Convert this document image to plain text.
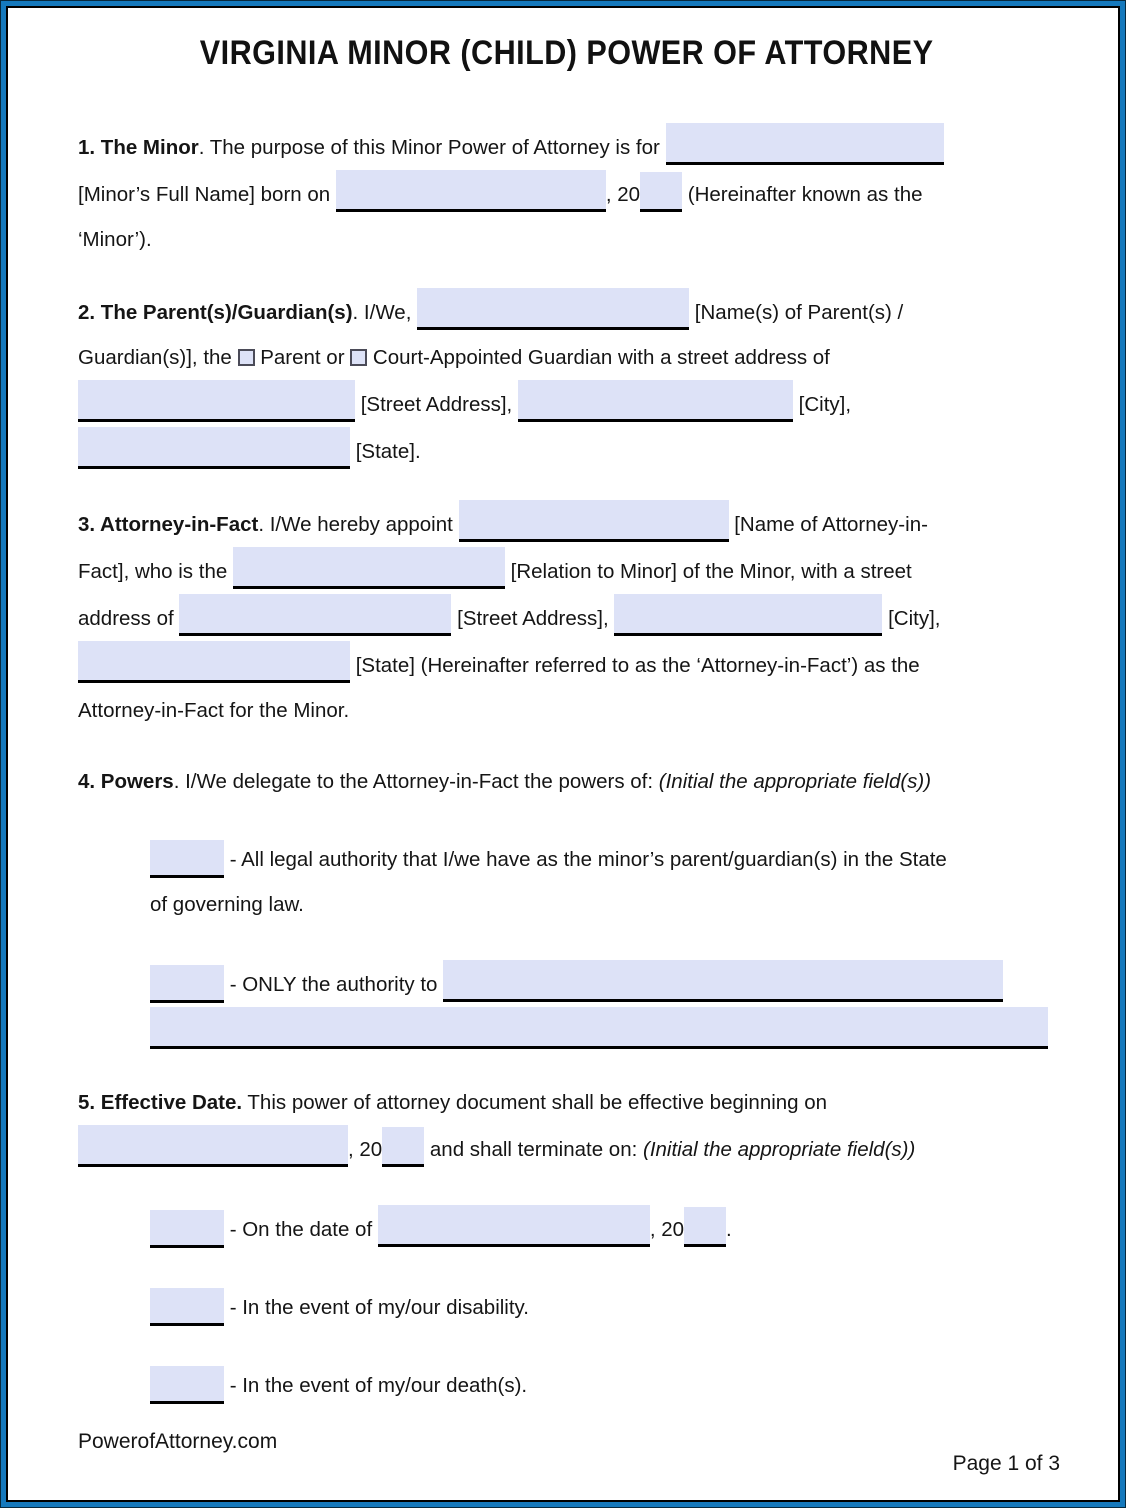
VIRGINIA MINOR (CHILD) POWER OF ATTORNEY
1. The Minor. The purpose of this Minor Power of Attorney is for
[Minor’s Full Name] born on	, 20 (Hereinafter known as the
‘Minor’).
2. The Parent(s)/Guardian(s). I/We,	[Name(s) of Parent(s) /
Guardian(s)], the  Parent or  Court-Appointed Guardian with a street address of
[Street Address],	[City],
[State].
3. Attorney-in-Fact. I/We hereby appoint	[Name of Attorney-in-
Fact], who is the	[Relation to Minor] of the Minor, with a street
address of	[Street Address],	[City],
[State] (Hereinafter referred to as the ‘Attorney-in-Fact’) as the
Attorney-in-Fact for the Minor.
4. Powers. I/We delegate to the Attorney-in-Fact the powers of: (Initial the appropriate field(s))
- All legal authority that I/we have as the minor’s parent/guardian(s) in the State
of governing law.
- ONLY the authority to
5. Effective Date. This power of attorney document shall be effective beginning on
, 20 and shall terminate on: (Initial the appropriate field(s))
- On the date of	, 20 .
- In the event of my/our disability.
- In the event of my/our death(s).
PowerofAttorney.com
Page 1 of 3
